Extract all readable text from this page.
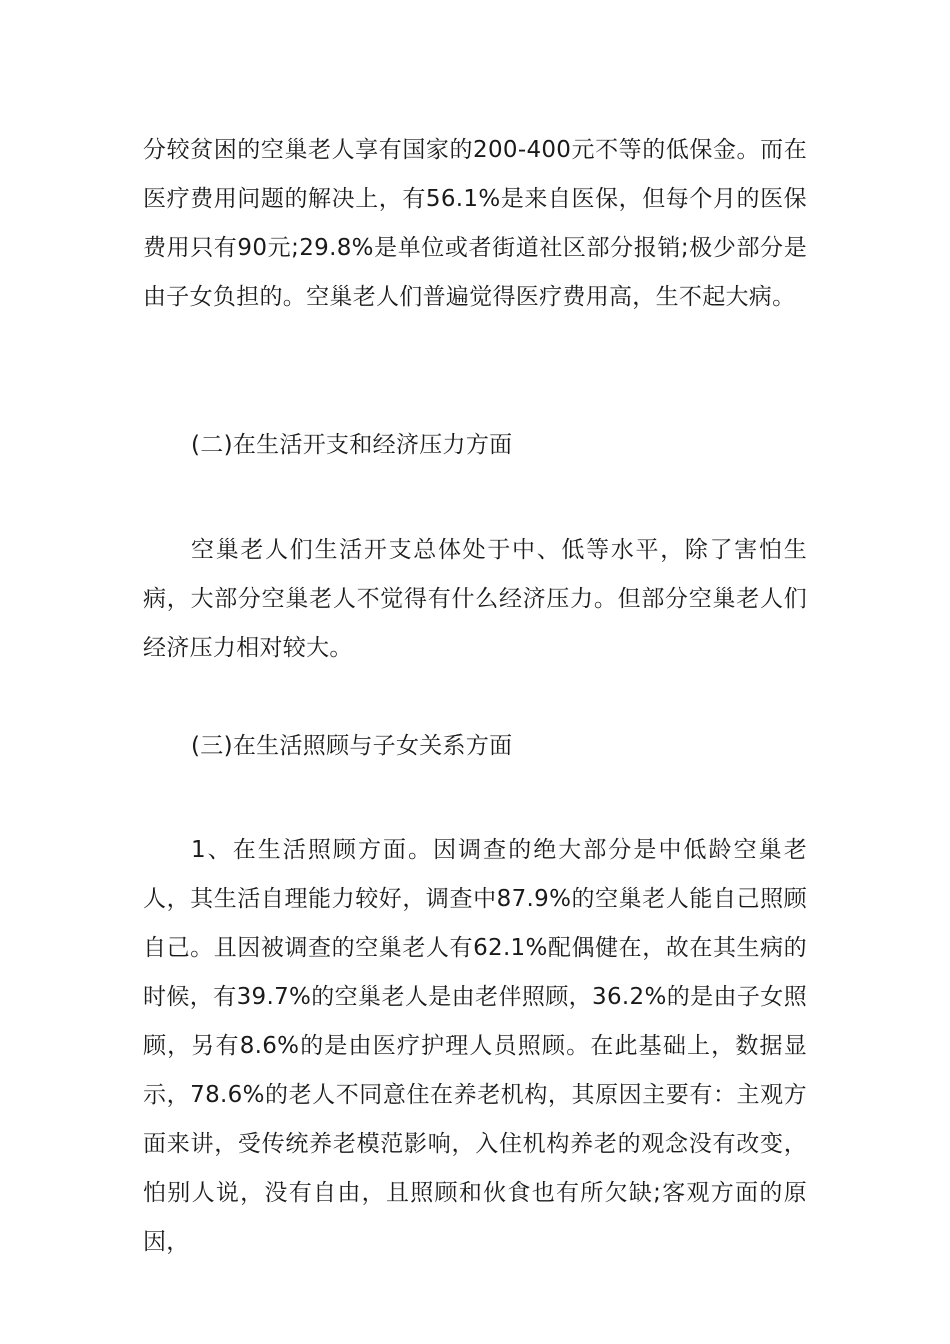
分较贫困的空巢老人享有国家的200-400元不等的低保金。而在医疗费用问题的解决上，有56.1%是来自医保，但每个月的医保费用只有90元;29.8%是单位或者街道社区部分报销;极少部分是由子女负担的。空巢老人们普遍觉得医疗费用高，生不起大病。

(二)在生活开支和经济压力方面

空巢老人们生活开支总体处于中、低等水平，除了害怕生病，大部分空巢老人不觉得有什么经济压力。但部分空巢老人们经济压力相对较大。

(三)在生活照顾与子女关系方面

1、在生活照顾方面。因调查的绝大部分是中低龄空巢老人，其生活自理能力较好，调查中87.9%的空巢老人能自己照顾自己。且因被调查的空巢老人有62.1%配偶健在，故在其生病的时候，有39.7%的空巢老人是由老伴照顾，36.2%的是由子女照顾，另有8.6%的是由医疗护理人员照顾。在此基础上，数据显示，78.6%的老人不同意住在养老机构，其原因主要有：主观方面来讲，受传统养老模范影响，入住机构养老的观念没有改变，怕别人说，没有自由，且照顾和伙食也有所欠缺;客观方面的原因，
